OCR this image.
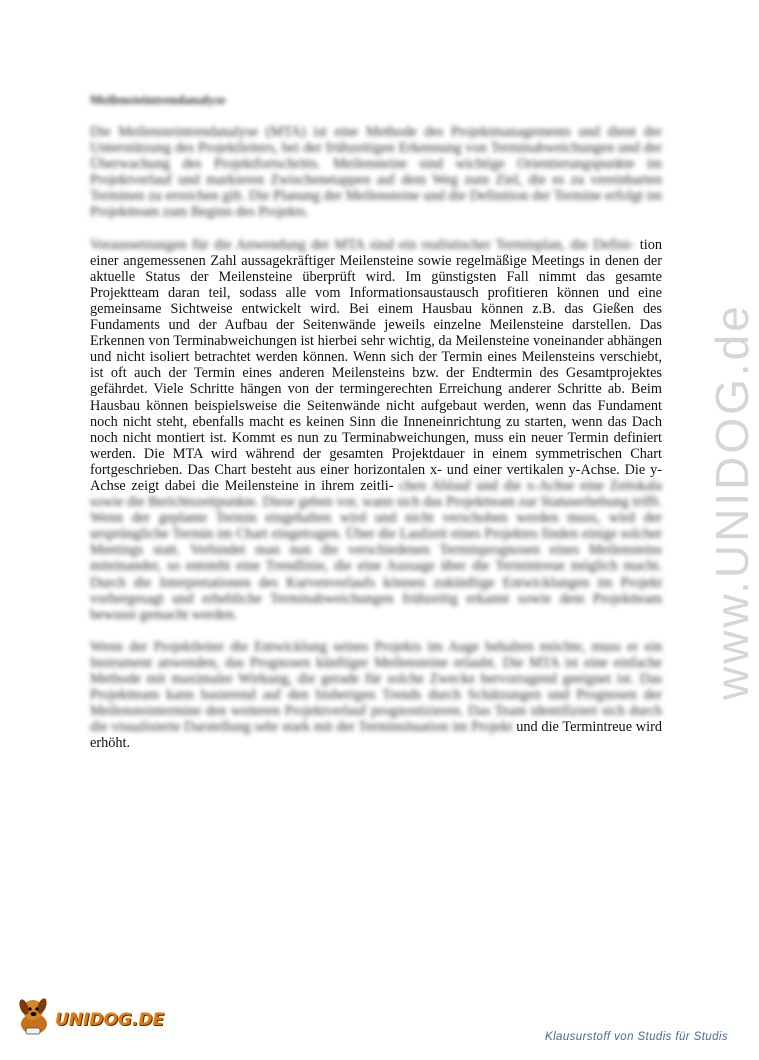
www.UNIDOG.de
Meilensteintrendanalyse

Die Meilensteintrendanalyse (MTA) ist eine Methode des Projektmanagements und dient der Unterstützung des Projektleiters, bei der frühzeitigen Erkennung von Terminabweichungen und der Überwachung des Projektfortschritts. Meilensteine sind wichtige Orientierungspunkte im Projektverlauf und markieren Zwischenetappen auf dem Weg zum Ziel, die es zu vereinbarten Terminen zu erreichen gilt. Die Planung der Meilensteine und die Definition der Termine erfolgt im Projektteam zum Beginn des Projekts.

Voraussetzungen für die Anwendung der MTA sind ein realistischer Terminplan, die Defini- tion einer angemessenen Zahl aussagekräftiger Meilensteine sowie regelmäßige Meetings in denen der aktuelle Status der Meilensteine überprüft wird. Im günstigsten Fall nimmt das gesamte Projektteam daran teil, sodass alle vom Informationsaustausch profitieren können und eine gemeinsame Sichtweise entwickelt wird. Bei einem Hausbau können z.B. das Gießen des Fundaments und der Aufbau der Seitenwände jeweils einzelne Meilensteine darstellen. Das Erkennen von Terminabweichungen ist hierbei sehr wichtig, da Meilensteine voneinander abhängen und nicht isoliert betrachtet werden können. Wenn sich der Termin eines Meilensteins verschiebt, ist oft auch der Termin eines anderen Meilensteins bzw. der Endtermin des Gesamtprojektes gefährdet. Viele Schritte hängen von der termingerechten Erreichung anderer Schritte ab. Beim Hausbau können beispielsweise die Seitenwände nicht aufgebaut werden, wenn das Fundament noch nicht steht, ebenfalls macht es keinen Sinn die Inneneinrichtung zu starten, wenn das Dach noch nicht montiert ist. Kommt es nun zu Terminabweichungen, muss ein neuer Termin definiert werden. Die MTA wird während der gesamten Projektdauer in einem symmetrischen Chart fortgeschrieben. Das Chart besteht aus einer horizontalen x- und einer vertikalen y-Achse. Die y-Achse zeigt dabei die Meilensteine in ihrem zeitli- chen Ablauf und die x-Achse eine Zeitskala sowie die Berichtszeitpunkte. Diese geben vor, wann sich das Projektteam zur Statuserhebung trifft. Wenn der geplante Termin eingehalten wird und nicht verschoben werden muss, wird der ursprüngliche Termin im Chart eingetragen. Über die Laufzeit eines Projektes finden einige solcher Meetings statt. Verbindet man nun die verschiedenen Terminprognosen eines Meilensteins miteinander, so entsteht eine Trendlinie, die eine Aussage über die Termintreue möglich macht. Durch die Interpretationen des Kurvenverlaufs können zukünftige Entwicklungen im Projekt vorhergesagt und erhebliche Terminabweichungen frühzeitig erkannt sowie dem Projektteam bewusst gemacht werden.

Wenn der Projektleiter die Entwicklung seines Projekts im Auge behalten möchte, muss er ein Instrument anwenden, das Prognosen künftiger Meilensteine erlaubt. Die MTA ist eine einfache Methode mit maximaler Wirkung, die gerade für solche Zwecke hervorragend geeignet ist. Das Projektteam kann basierend auf den bisherigen Trends durch Schätzungen und Prognosen der Meilensteintermine den weiteren Projektverlauf prognostizieren. Das Team identifiziert sich durch die visualisierte Darstellung sehr stark mit der Terminsituation im Projekt und die Termintreue wird erhöht.

UNIDOG.DE
Klausurstoff von Studis für Studis
